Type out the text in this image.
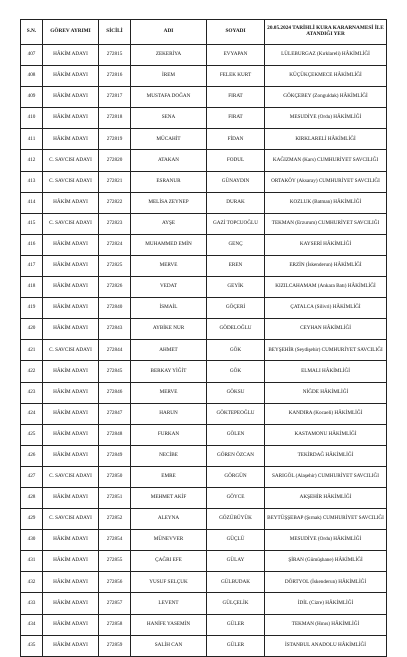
S.N.	GÖREV AYRIMI	SİCİLİ	ADI	SOYADI	20.05.2024 TARİHLİ KURA KARARNAMESİ İLE ATANDIĞI YER
407	HÂKİM ADAYI	272815	ZEKERİYA	EVYAPAN	LÜLEBURGAZ (Kırklareli) HÂKİMLİĞİ
408	HÂKİM ADAYI	272816	İREM	FELEK KURT	KÜÇÜKÇEKMECE HÂKİMLİĞİ
409	HÂKİM ADAYI	272817	MUSTAFA DOĞAN	FIRAT	GÖKÇEBEY (Zonguldak) HÂKİMLİĞİ
410	HÂKİM ADAYI	272818	SENA	FIRAT	MESUDİYE (Ordu) HÂKİMLİĞİ
411	HÂKİM ADAYI	272819	MÜCAHİT	FİDAN	KIRKLARELİ HÂKİMLİĞİ
412	C. SAVCISI ADAYI	272820	ATAKAN	FODUL	KAĞIZMAN (Kars) CUMHURİYET SAVCILIĞI
413	C. SAVCISI ADAYI	272821	ESRANUR	GÜNAYDIN	ORTAKÖY (Aksaray) CUMHURİYET SAVCILIĞI
414	HÂKİM ADAYI	272822	MELİSA ZEYNEP	DURAK	KOZLUK (Batman) HÂKİMLİĞİ
415	C. SAVCISI ADAYI	272823	AYŞE	GAZİ TOPCUOĞLU	TEKMAN (Erzurum) CUMHURİYET SAVCILIĞI
416	HÂKİM ADAYI	272824	MUHAMMED EMİN	GENÇ	KAYSERİ HÂKİMLİĞİ
417	HÂKİM ADAYI	272825	MERVE	EREN	ERZİN (İskenderun) HÂKİMLİĞİ
418	HÂKİM ADAYI	272826	VEDAT	GEYİK	KIZILCAHAMAM (Ankara Batı) HÂKİMLİĞİ
419	HÂKİM ADAYI	272840	İSMAİL	GÖÇERİ	ÇATALCA (Silivri) HÂKİMLİĞİ
420	HÂKİM ADAYI	272843	AYBİKE NUR	GÖDELOĞLU	CEYHAN HÂKİMLİĞİ
421	C. SAVCISI ADAYI	272844	AHMET	GÖK	BEYŞEHİR (Seydişehir) CUMHURİYET SAVCILIĞI
422	HÂKİM ADAYI	272845	BERKAY YİĞİT	GÖK	ELMALI HÂKİMLİĞİ
423	HÂKİM ADAYI	272846	MERVE	GÖKSU	NİĞDE HÂKİMLİĞİ
424	HÂKİM ADAYI	272847	HARUN	GÖKTEPEOĞLU	KANDIRA (Kocaeli) HÂKİMLİĞİ
425	HÂKİM ADAYI	272848	FURKAN	GÖLEN	KASTAMONU HÂKİMLİĞİ
426	HÂKİM ADAYI	272849	NECİBE	GÖREN ÖZCAN	TEKİRDAĞ HÂKİMLİĞİ
427	C. SAVCISI ADAYI	272850	EMRE	GÖRGÜN	SARIGÖL (Alaşehir) CUMHURİYET SAVCILIĞI
428	HÂKİM ADAYI	272851	MEHMET AKİF	GÖYCE	AKŞEHİR HÂKİMLİĞİ
429	C. SAVCISI ADAYI	272852	ALEYNA	GÖZÜBÜYÜK	BEYTÜŞŞEBAP (Şırnak) CUMHURİYET SAVCILIĞI
430	HÂKİM ADAYI	272854	MÜNEVVER	GÜÇLÜ	MESUDİYE (Ordu) HÂKİMLİĞİ
431	HÂKİM ADAYI	272855	ÇAĞRI EFE	GÜLAY	ŞİRAN (Gümüşhane) HÂKİMLİĞİ
432	HÂKİM ADAYI	272856	YUSUF SELÇUK	GÜLBUDAK	DÖRTYOL (İskenderun) HÂKİMLİĞİ
433	HÂKİM ADAYI	272857	LEVENT	GÜLÇELİK	İDİL (Cizre) HÂKİMLİĞİ
434	HÂKİM ADAYI	272858	HANİFE YASEMİN	GÜLER	TEKMAN (Hınıs) HÂKİMLİĞİ
435	HÂKİM ADAYI	272859	SALİH CAN	GÜLER	İSTANBUL ANADOLU HÂKİMLİĞİ
